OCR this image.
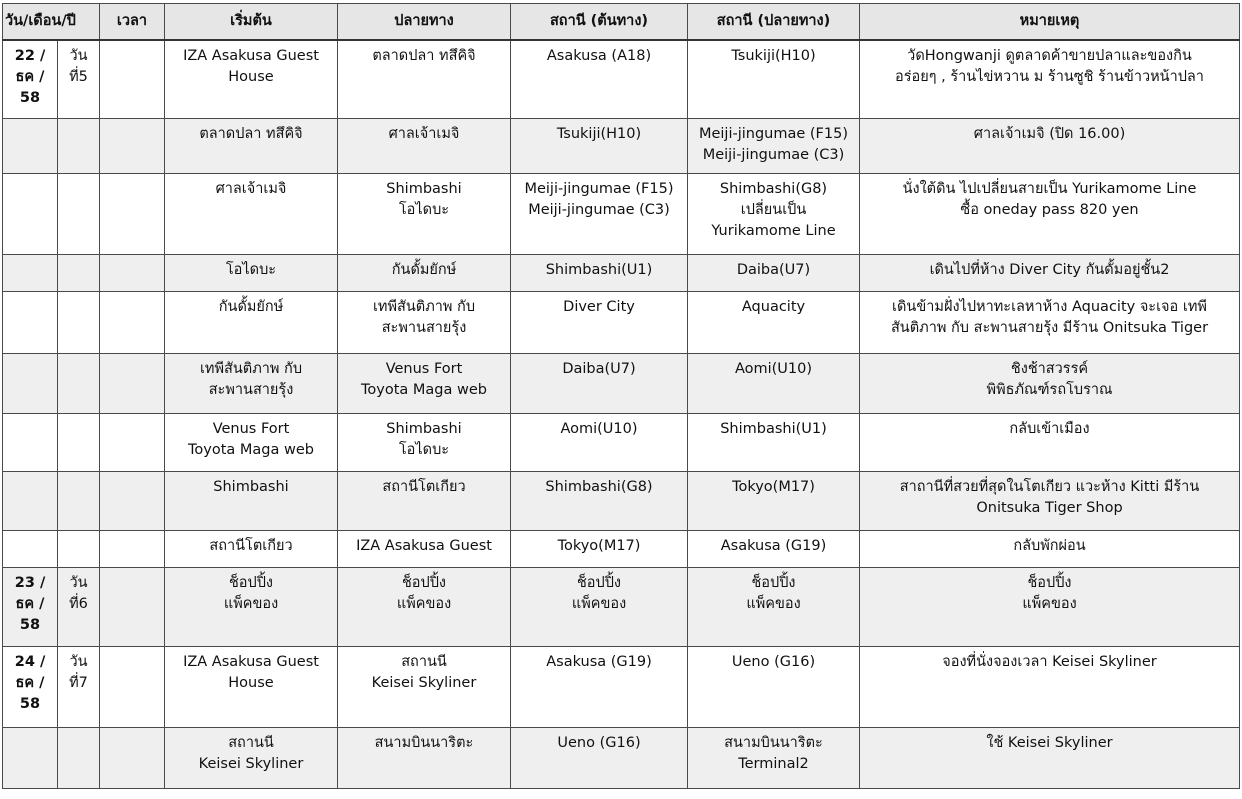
วัน/เดือน/ปี		เวลา	เริ่มต้น	ปลายทาง	สถานี (ต้นทาง)	สถานี (ปลายทาง)	หมายเหตุ

22 /
ธค /
58	วัน
ที่5		IZA Asakusa Guest
House	ตลาดปลา ทสึคิจิ	Asakusa (A18)	Tsukiji(H10)	วัดHongwanji ดูตลาดค้าขายปลาและของกิน
อร่อยๆ , ร้านไข่หวาน ม ร้านซูชิ ร้านข้าวหน้าปลา

			ตลาดปลา ทสึคิจิ	ศาลเจ้าเมจิ	Tsukiji(H10)	Meiji-jingumae (F15)
Meiji-jingumae (C3)	ศาลเจ้าเมจิ (ปิด 16.00)

			ศาลเจ้าเมจิ	Shimbashi
โอไดบะ	Meiji-jingumae (F15)
Meiji-jingumae (C3)	Shimbashi(G8)
เปลี่ยนเป็น
Yurikamome Line	นั่งใต้ดิน ไปเปลี่ยนสายเป็น Yurikamome Line
ซื้อ oneday pass 820 yen

			โอไดบะ	กันดั้มยักษ์	Shimbashi(U1)	Daiba(U7)	เดินไปที่ห้าง Diver City กันดั้มอยู่ชั้น2

			กันดั้มยักษ์	เทพีสันติภาพ กับ
สะพานสายรุ้ง	Diver City	Aquacity	เดินข้ามฝั่งไปหาทะเลหาห้าง Aquacity จะเจอ เทพี
สันติภาพ กับ สะพานสายรุ้ง มีร้าน Onitsuka Tiger

			เทพีสันติภาพ กับ
สะพานสายรุ้ง	Venus Fort
Toyota Maga web	Daiba(U7)	Aomi(U10)	ชิงช้าสวรรค์
พิพิธภัณฑ์รถโบราณ

			Venus Fort
Toyota Maga web	Shimbashi
โอไดบะ	Aomi(U10)	Shimbashi(U1)	กลับเข้าเมือง

			Shimbashi	สถานีโตเกียว	Shimbashi(G8)	Tokyo(M17)	สาถานีที่สวยที่สุดในโตเกียว แวะห้าง Kitti มีร้าน
Onitsuka Tiger Shop

			สถานีโตเกียว	IZA Asakusa Guest	Tokyo(M17)	Asakusa (G19)	กลับพักผ่อน

23 /
ธค /
58	วัน
ที่6		ช็อปปิ้ง
แพ็คของ	ช็อปปิ้ง
แพ็คของ	ช็อปปิ้ง
แพ็คของ	ช็อปปิ้ง
แพ็คของ	ช็อปปิ้ง
แพ็คของ

24 /
ธค /
58	วัน
ที่7		IZA Asakusa Guest
House	สถานนี
Keisei Skyliner	Asakusa (G19)	Ueno (G16)	จองที่นั่งจองเวลา Keisei Skyliner

			สถานนี
Keisei Skyliner	สนามบินนาริตะ	Ueno (G16)	สนามบินนาริตะ
Terminal2	ใช้ Keisei Skyliner
